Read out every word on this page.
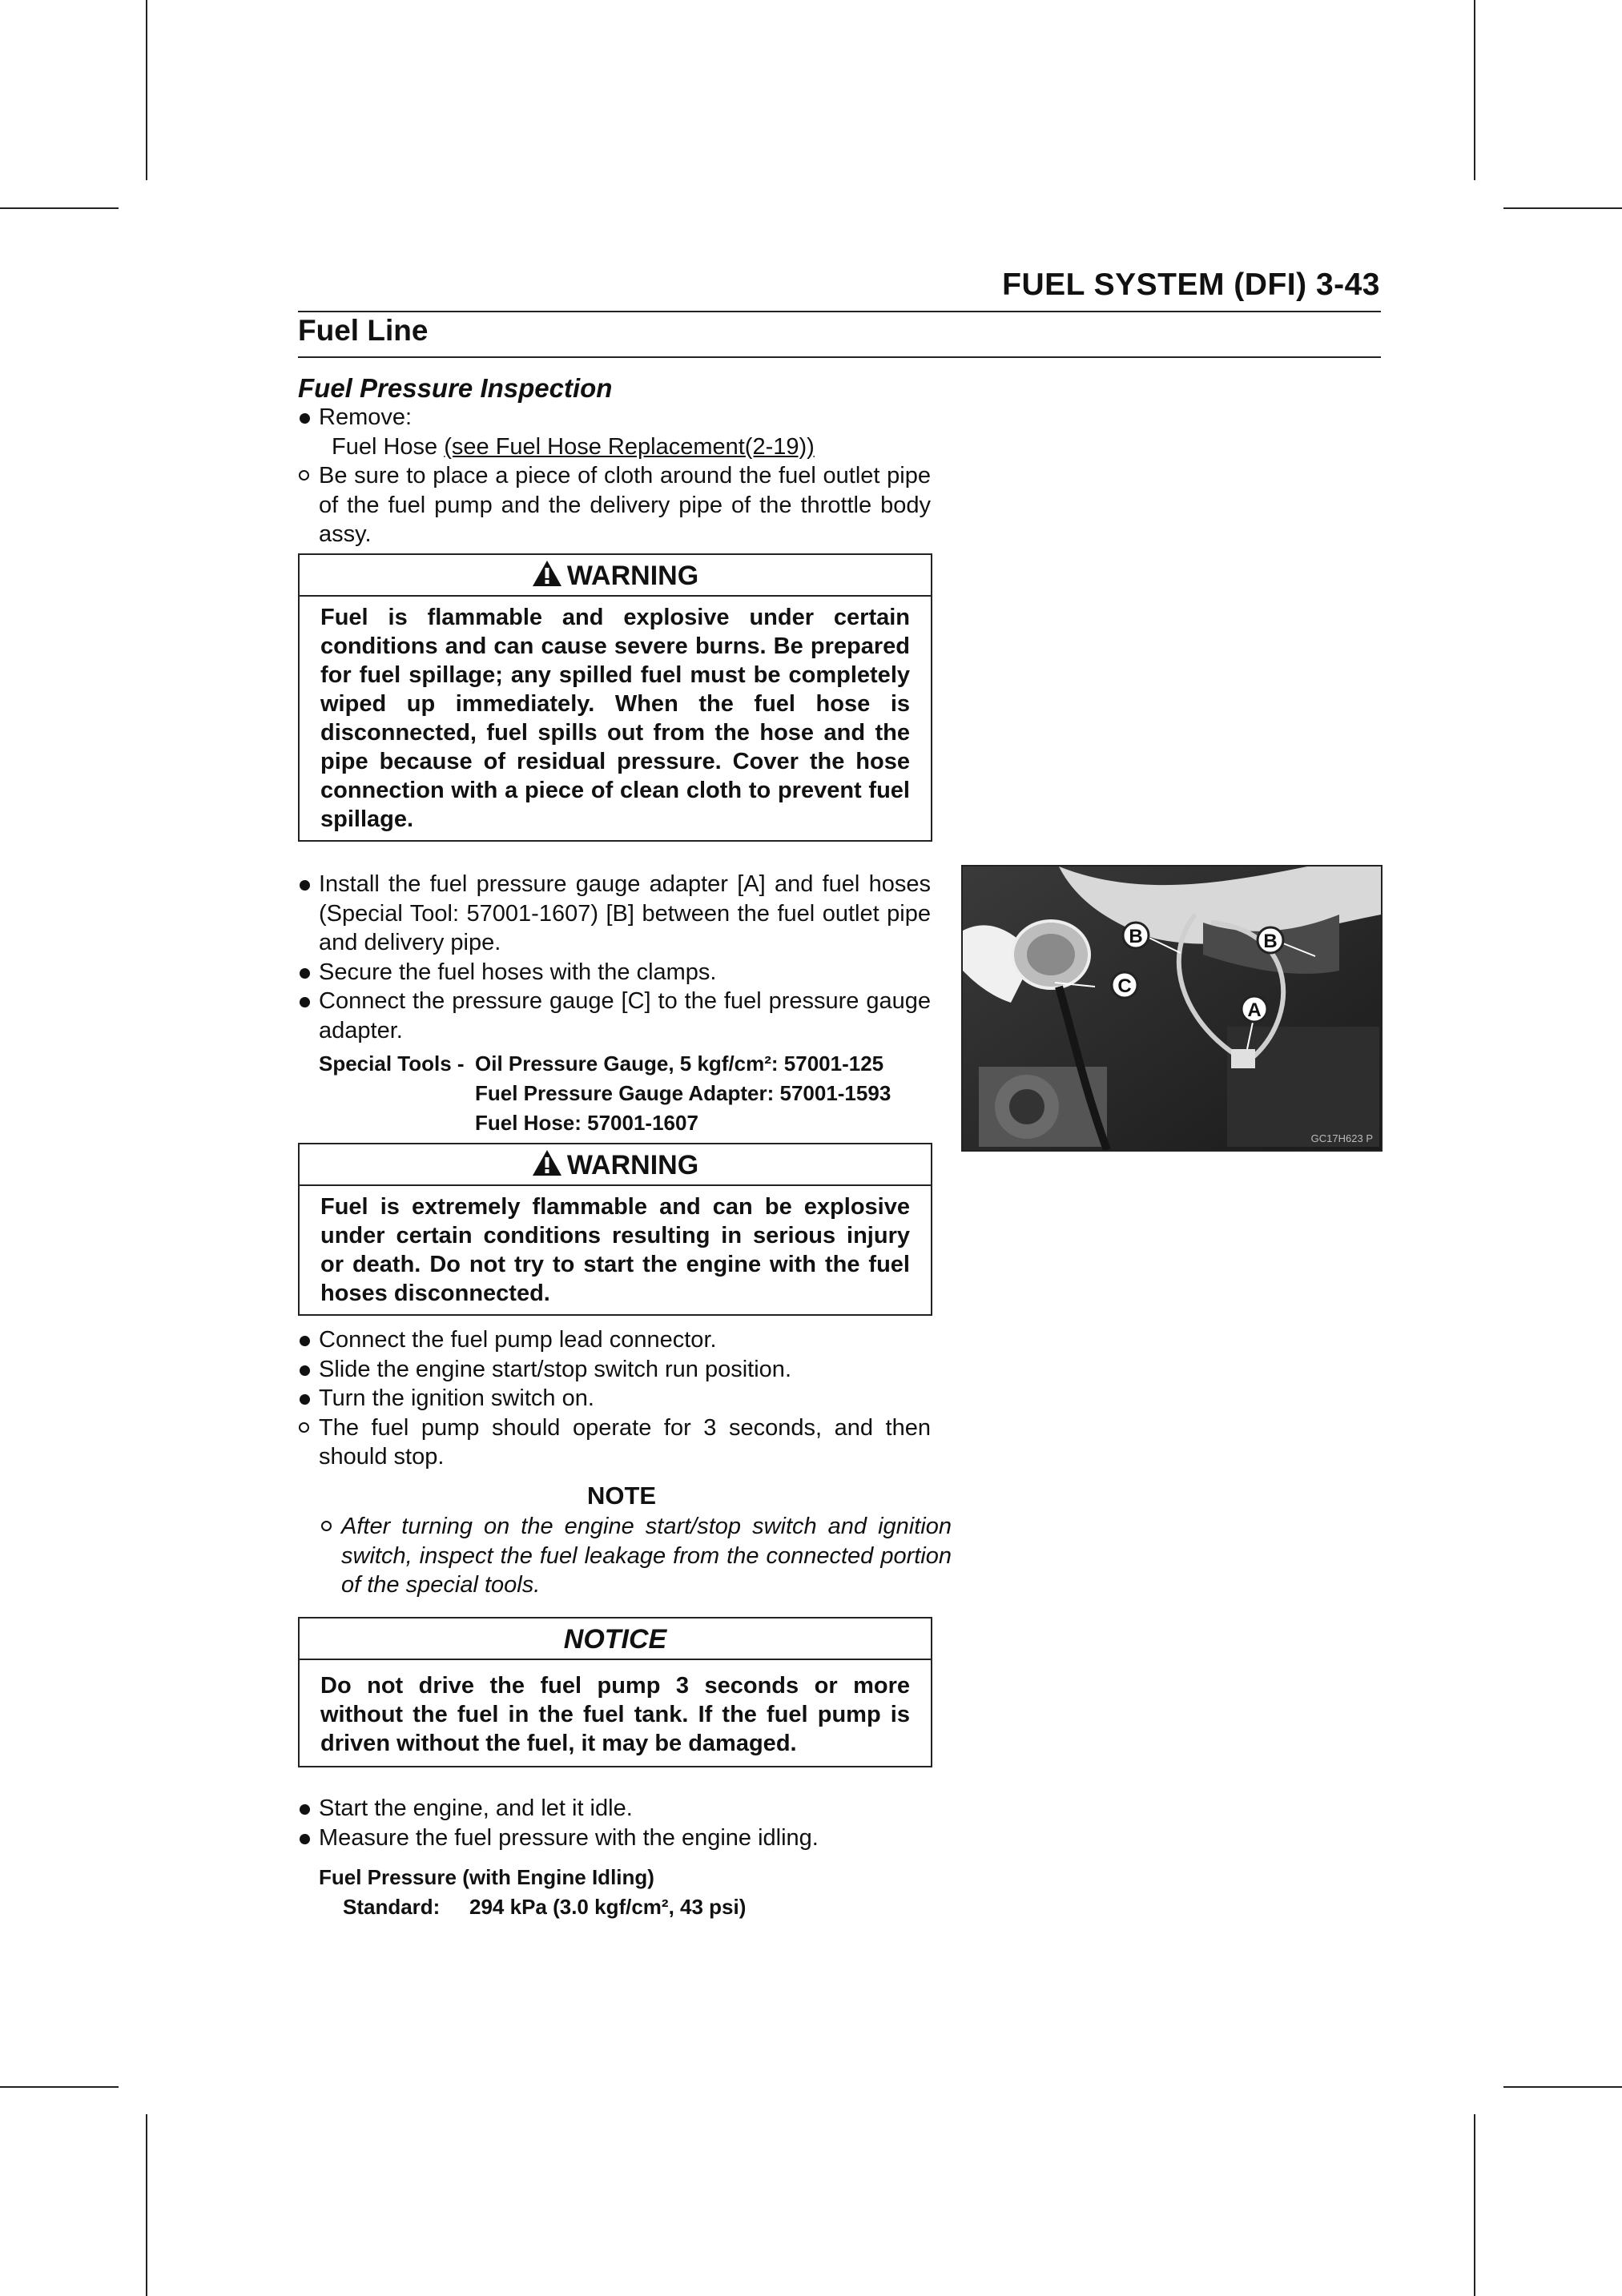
FUEL SYSTEM (DFI) 3-43
Fuel Line
Fuel Pressure Inspection
Remove:
Fuel Hose (see Fuel Hose Replacement(2-19))
Be sure to place a piece of cloth around the fuel outlet pipe of the fuel pump and the delivery pipe of the throttle body assy.
WARNING
Fuel is flammable and explosive under certain conditions and can cause severe burns. Be prepared for fuel spillage; any spilled fuel must be completely wiped up immediately. When the fuel hose is disconnected, fuel spills out from the hose and the pipe because of residual pressure. Cover the hose connection with a piece of clean cloth to prevent fuel spillage.
Install the fuel pressure gauge adapter [A] and fuel hoses (Special Tool: 57001-1607) [B] between the fuel outlet pipe and delivery pipe.
Secure the fuel hoses with the clamps.
Connect the pressure gauge [C] to the fuel pressure gauge adapter.
Special Tools - Oil Pressure Gauge, 5 kgf/cm²: 57001-125
Fuel Pressure Gauge Adapter: 57001-1593
Fuel Hose: 57001-1607
WARNING
Fuel is extremely flammable and can be explosive under certain conditions resulting in serious injury or death. Do not try to start the engine with the fuel hoses disconnected.
Connect the fuel pump lead connector.
Slide the engine start/stop switch run position.
Turn the ignition switch on.
The fuel pump should operate for 3 seconds, and then should stop.
NOTE
After turning on the engine start/stop switch and ignition switch, inspect the fuel leakage from the connected portion of the special tools.
NOTICE
Do not drive the fuel pump 3 seconds or more without the fuel in the fuel tank. If the fuel pump is driven without the fuel, it may be damaged.
Start the engine, and let it idle.
Measure the fuel pressure with the engine idling.
Fuel Pressure (with Engine Idling)
Standard: 294 kPa (3.0 kgf/cm², 43 psi)
B	B
C
A
GC17H623 P
